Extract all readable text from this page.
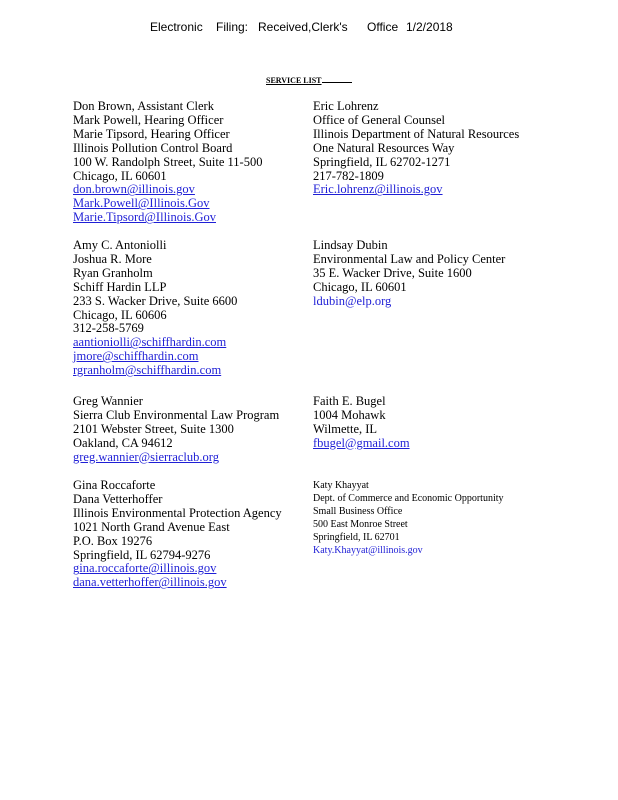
Electronic Filing: Received,Clerk's Office 1/2/2018
SERVICE LIST
Don Brown, Assistant Clerk
Mark Powell, Hearing Officer
Marie Tipsord, Hearing Officer
Illinois Pollution Control Board
100 W. Randolph Street, Suite 11-500
Chicago, IL 60601
don.brown@illinois.gov
Mark.Powell@Illinois.Gov
Marie.Tipsord@Illinois.Gov
Eric Lohrenz
Office of General Counsel
Illinois Department of Natural Resources
One Natural Resources Way
Springfield, IL 62702-1271
217-782-1809
Eric.lohrenz@illinois.gov
Amy C. Antoniolli
Joshua R. More
Ryan Granholm
Schiff Hardin LLP
233 S. Wacker Drive, Suite 6600
Chicago, IL 60606
312-258-5769
aantioniolli@schiffhardin.com
jmore@schiffhardin.com
rgranholm@schiffhardin.com
Lindsay Dubin
Environmental Law and Policy Center
35 E. Wacker Drive, Suite 1600
Chicago, IL 60601
ldubin@elp.org
Greg Wannier
Sierra Club Environmental Law Program
2101 Webster Street, Suite 1300
Oakland, CA 94612
greg.wannier@sierraclub.org
Faith E. Bugel
1004 Mohawk
Wilmette, IL
fbugel@gmail.com
Gina Roccaforte
Dana Vetterhoffer
Illinois Environmental Protection Agency
1021 North Grand Avenue East
P.O. Box 19276
Springfield, IL 62794-9276
gina.roccaforte@illinois.gov
dana.vetterhoffer@illinois.gov
Katy Khayyat
Dept. of Commerce and Economic Opportunity
Small Business Office
500 East Monroe Street
Springfield, IL 62701
Katy.Khayyat@illinois.gov
